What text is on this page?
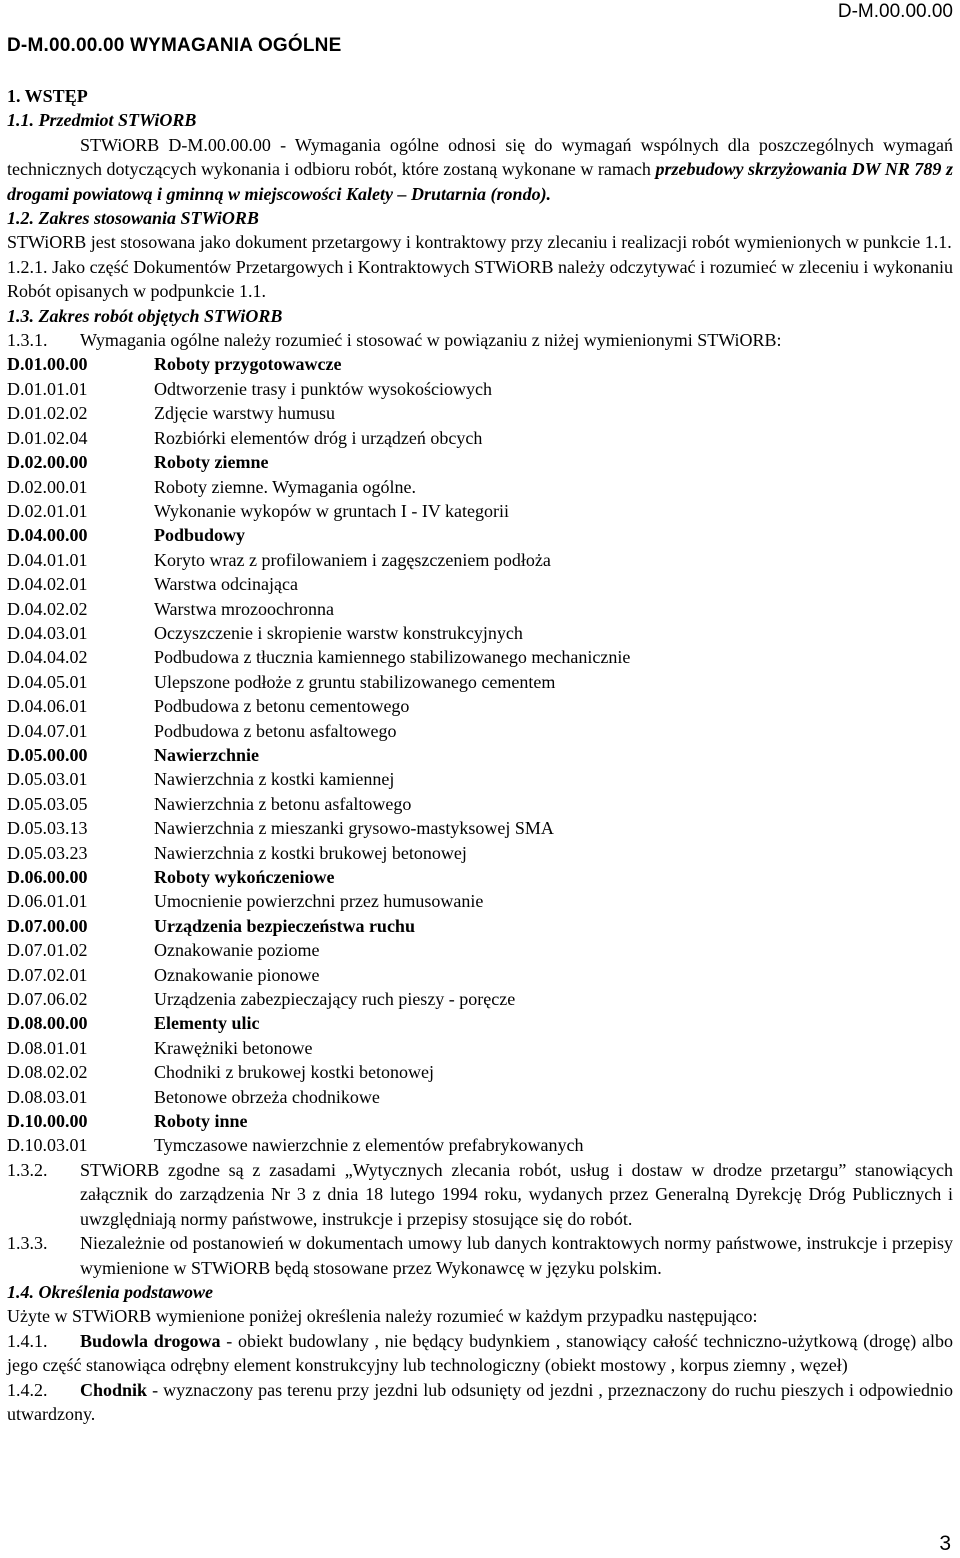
D-M.00.00.00
D-M.00.00.00 WYMAGANIA OGÓLNE
1. WSTĘP
1.1. Przedmiot STWiORB
STWiORB D-M.00.00.00 - Wymagania ogólne odnosi się do wymagań wspólnych dla poszczególnych wymagań technicznych dotyczących wykonania i odbioru robót, które zostaną wykonane w ramach przebudowy skrzyżowania DW NR 789 z drogami powiatową i gminną w miejscowości Kalety – Drutarnia (rondo).
1.2. Zakres stosowania STWiORB
STWiORB jest stosowana jako dokument przetargowy i kontraktowy przy zlecaniu i realizacji robót wymienionych w punkcie 1.1.
1.2.1. Jako część Dokumentów Przetargowych i Kontraktowych STWiORB należy odczytywać i rozumieć w zleceniu i wykonaniu Robót opisanych w podpunkcie 1.1.
1.3. Zakres robót objętych STWiORB
1.3.1.	Wymagania ogólne należy rozumieć i stosować w powiązaniu z niżej wymienionymi STWiORB:
D.01.00.00	Roboty przygotowawcze
D.01.01.01	Odtworzenie trasy i punktów wysokościowych
D.01.02.02	Zdjęcie warstwy humusu
D.01.02.04	Rozbiórki elementów dróg i urządzeń obcych
D.02.00.00	Roboty ziemne
D.02.00.01	Roboty ziemne. Wymagania ogólne.
D.02.01.01	Wykonanie wykopów w gruntach I - IV kategorii
D.04.00.00	Podbudowy
D.04.01.01	Koryto wraz z profilowaniem i zagęszczeniem podłoża
D.04.02.01	Warstwa odcinająca
D.04.02.02	Warstwa mrozoochronna
D.04.03.01	Oczyszczenie i skropienie warstw konstrukcyjnych
D.04.04.02	Podbudowa z tłucznia kamiennego stabilizowanego mechanicznie
D.04.05.01	Ulepszone podłoże z gruntu stabilizowanego cementem
D.04.06.01	Podbudowa z betonu cementowego
D.04.07.01	Podbudowa z betonu asfaltowego
D.05.00.00	Nawierzchnie
D.05.03.01	Nawierzchnia z kostki kamiennej
D.05.03.05	Nawierzchnia z betonu asfaltowego
D.05.03.13	Nawierzchnia z mieszanki grysowo-mastyksowej SMA
D.05.03.23	Nawierzchnia z kostki brukowej betonowej
D.06.00.00	Roboty wykończeniowe
D.06.01.01	Umocnienie powierzchni przez humusowanie
D.07.00.00	Urządzenia bezpieczeństwa ruchu
D.07.01.02	Oznakowanie poziome
D.07.02.01	Oznakowanie pionowe
D.07.06.02	Urządzenia zabezpieczający ruch pieszy - poręcze
D.08.00.00	Elementy ulic
D.08.01.01	Krawężniki betonowe
D.08.02.02	Chodniki z brukowej kostki betonowej
D.08.03.01	Betonowe obrzeża chodnikowe
D.10.00.00	Roboty inne
D.10.03.01	Tymczasowe nawierzchnie z elementów prefabrykowanych
1.3.2.	STWiORB zgodne są z zasadami „Wytycznych zlecania robót, usług i dostaw w drodze przetargu” stanowiących załącznik do zarządzenia Nr 3 z dnia 18 lutego 1994 roku, wydanych przez Generalną Dyrekcję Dróg Publicznych i uwzględniają normy państwowe, instrukcje i przepisy stosujące się do robót.
1.3.3.	Niezależnie od postanowień w dokumentach umowy lub danych kontraktowych normy państwowe, instrukcje i przepisy wymienione w STWiORB będą stosowane przez Wykonawcę w języku polskim.
1.4. Określenia podstawowe
Użyte w STWiORB wymienione poniżej określenia należy rozumieć w każdym przypadku następująco:
1.4.1. Budowla drogowa - obiekt budowlany , nie będący budynkiem , stanowiący całość techniczno-użytkową (drogę) albo jego część stanowiąca odrębny element konstrukcyjny lub technologiczny (obiekt mostowy , korpus ziemny , węzeł)
1.4.2. Chodnik - wyznaczony pas terenu przy jezdni lub odsunięty od jezdni , przeznaczony do ruchu pieszych i odpowiednio utwardzony.
3
